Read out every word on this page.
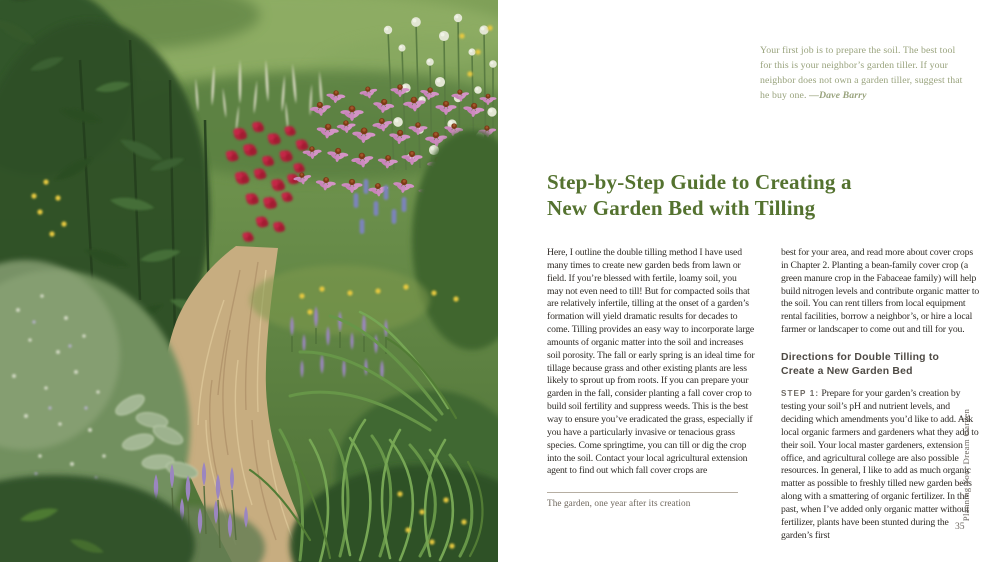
Your first job is to prepare the soil. The best tool for this is your neighbor’s garden tiller. If your neighbor does not own a garden tiller, suggest that he buy one. —Dave Barry
Step-by-Step Guide to Creating a
New Garden Bed with Tilling

Here, I outline the double tilling method I have used many times to create new garden beds from lawn or field. If you’re blessed with fertile, loamy soil, you may not even need to till! But for compacted soils that are relatively infertile, tilling at the onset of a garden’s formation will yield dramatic results for decades to come. Tilling provides an easy way to incorporate large amounts of organic matter into the soil and increases soil porosity. The fall or early spring is an ideal time for tillage because grass and other existing plants are less likely to sprout up from roots. If you can prepare your garden in the fall, consider planting a fall cover crop to build soil fertility and suppress weeds. This is the best way to ensure you’ve eradicated the grass, especially if you have a particularly invasive or tenacious grass species. Come springtime, you can till or dig the crop into the soil. Contact your local agricultural extension agent to find out which fall cover crops are

best for your area, and read more about cover crops in Chapter 2. Planting a bean-family cover crop (a green manure crop in the Fabaceae family) will help build nitrogen levels and contribute organic matter to the soil. You can rent tillers from local equipment rental facilities, borrow a neighbor’s, or hire a local farmer or landscaper to come out and till for you.

Directions for Double Tilling to
Create a New Garden Bed

STEP 1: Prepare for your garden’s creation by testing your soil’s pH and nutrient levels, and deciding which amendments you’d like to add. Ask local organic farmers and gardeners what they add to their soil. Your local master gardeners, extension office, and agricultural college are also possible resources. In general, I like to add as much organic matter as possible to freshly tilled new garden beds along with a smattering of organic fertilizer. In the past, when I’ve added only organic matter without fertilizer, plants have been stunted during the garden’s first

The garden, one year after its creation	Planning Your Dream Garden
35
